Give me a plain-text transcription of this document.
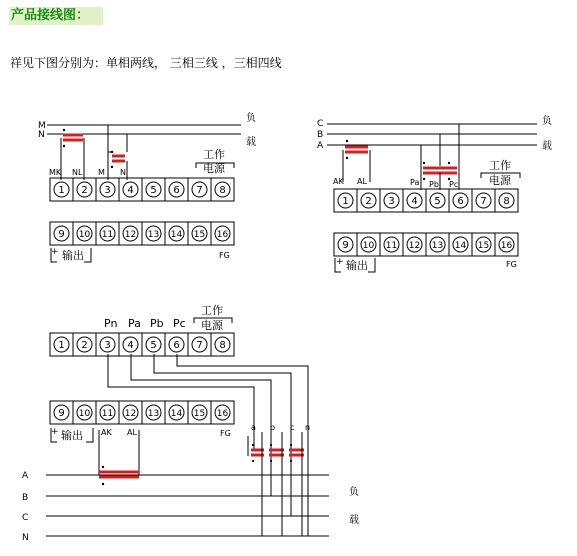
产品接线图：
祥见下图分别为：单相两线， 三相三线 ，三相四线
M
N
负
载
MK NL M N
工作
电源
1 2 3 4 5 6 7 8
9 10 11 12 13 14 15 16
+ 输出	FG
C
B
A
负
载
AK AL	Pa Pb Pc
工作
电源
1 2 3 4 5 6 7 8
9 10 11 12 13 14 15 16
+ 输出	FG
Pn Pa Pb Pc
工作
电源
1 2 3 4 5 6 7 8
9 10 11 12 13 14 15 16
+ 输出	FG
a b c n
AK AL
A
B
C
N
负
载
